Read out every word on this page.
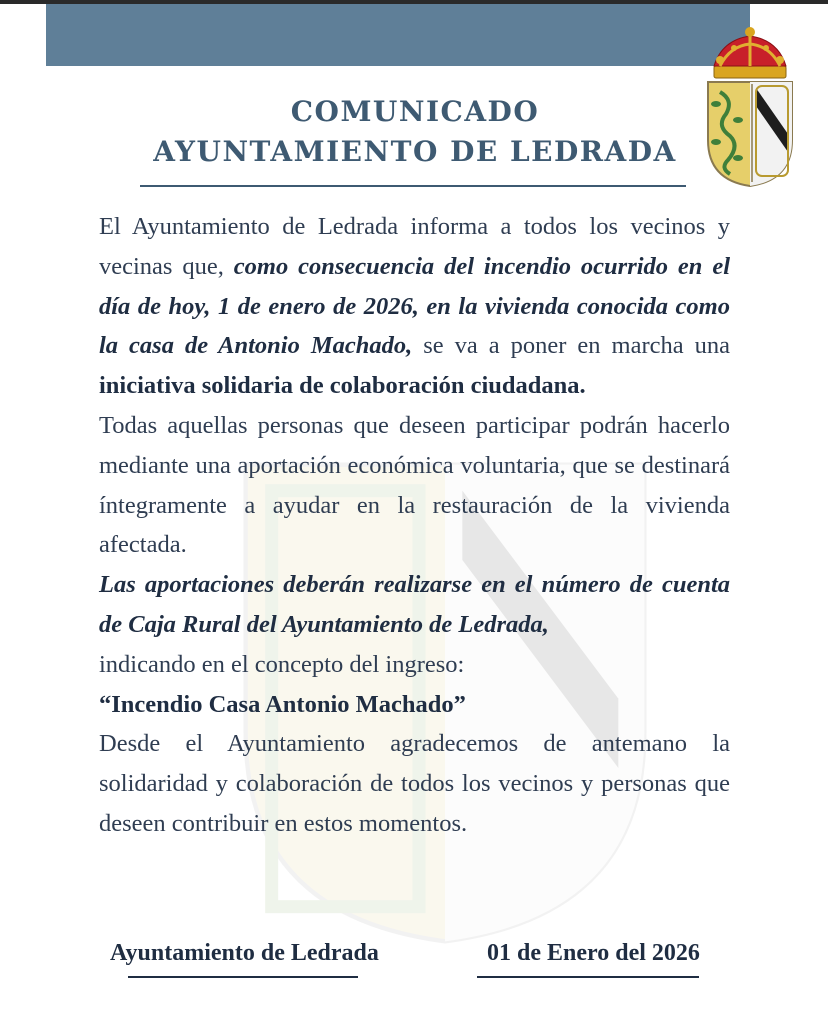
COMUNICADO
AYUNTAMIENTO DE LEDRADA

El Ayuntamiento de Ledrada informa a todos los vecinos y vecinas que, como consecuencia del incendio ocurrido en el día de hoy, 1 de enero de 2026, en la vivienda conocida como la casa de Antonio Machado, se va a poner en marcha una iniciativa solidaria de colaboración ciudadana.

Todas aquellas personas que deseen participar podrán hacerlo mediante una aportación económica voluntaria, que se destinará íntegramente a ayudar en la restauración de la vivienda afectada.

Las aportaciones deberán realizarse en el número de cuenta de Caja Rural del Ayuntamiento de Ledrada,
indicando en el concepto del ingreso:

“Incendio Casa Antonio Machado”

Desde el Ayuntamiento agradecemos de antemano la solidaridad y colaboración de todos los vecinos y personas que deseen contribuir en estos momentos.

Ayuntamiento de Ledrada	01 de Enero del 2026
